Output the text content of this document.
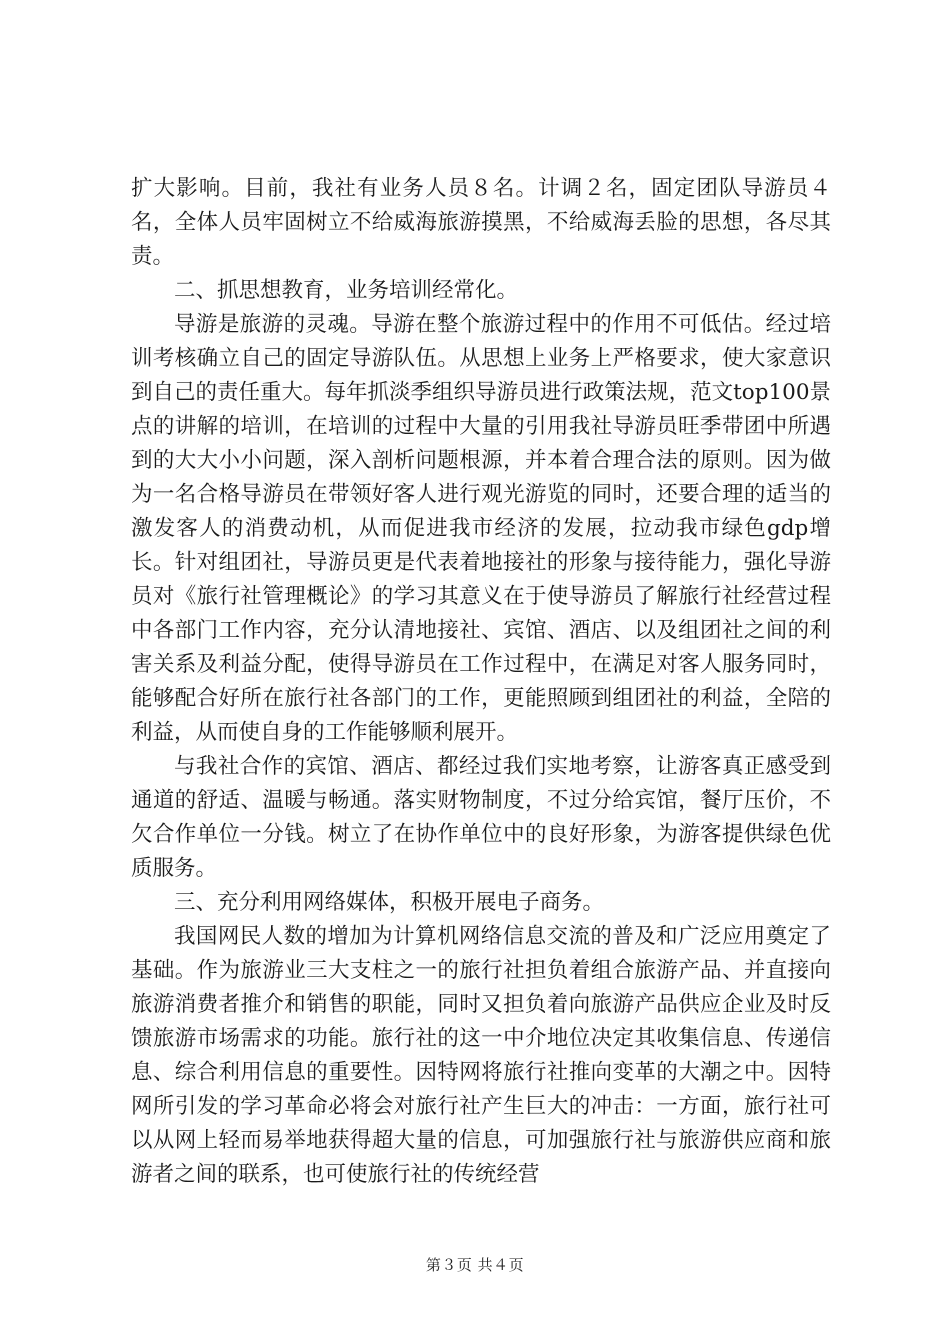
扩大影响。目前，我社有业务人员８名。计调２名，固定团队导游员４名，全体人员牢固树立不给威海旅游摸黑，不给威海丢脸的思想，各尽其责。

二、抓思想教育，业务培训经常化。

导游是旅游的灵魂。导游在整个旅游过程中的作用不可低估。经过培训考核确立自己的固定导游队伍。从思想上业务上严格要求，使大家意识到自己的责任重大。每年抓淡季组织导游员进行政策法规，范文top100景点的讲解的培训，在培训的过程中大量的引用我社导游员旺季带团中所遇到的大大小小问题，深入剖析问题根源，并本着合理合法的原则。因为做为一名合格导游员在带领好客人进行观光游览的同时，还要合理的适当的激发客人的消费动机，从而促进我市经济的发展，拉动我市绿色gdp增长。针对组团社，导游员更是代表着地接社的形象与接待能力，强化导游员对《旅行社管理概论》的学习其意义在于使导游员了解旅行社经营过程中各部门工作内容，充分认清地接社、宾馆、酒店、以及组团社之间的利害关系及利益分配，使得导游员在工作过程中，在满足对客人服务同时，能够配合好所在旅行社各部门的工作，更能照顾到组团社的利益，全陪的利益，从而使自身的工作能够顺利展开。

与我社合作的宾馆、酒店、都经过我们实地考察，让游客真正感受到通道的舒适、温暖与畅通。落实财物制度，不过分给宾馆，餐厅压价，不欠合作单位一分钱。树立了在协作单位中的良好形象，为游客提供绿色优质服务。

三、充分利用网络媒体，积极开展电子商务。

我国网民人数的增加为计算机网络信息交流的普及和广泛应用奠定了基础。作为旅游业三大支柱之一的旅行社担负着组合旅游产品、并直接向旅游消费者推介和销售的职能，同时又担负着向旅游产品供应企业及时反馈旅游市场需求的功能。旅行社的这一中介地位决定其收集信息、传递信息、综合利用信息的重要性。因特网将旅行社推向变革的大潮之中。因特网所引发的学习革命必将会对旅行社产生巨大的冲击：一方面，旅行社可以从网上轻而易举地获得超大量的信息，可加强旅行社与旅游供应商和旅游者之间的联系，也可使旅行社的传统经营

第３页 共４页
